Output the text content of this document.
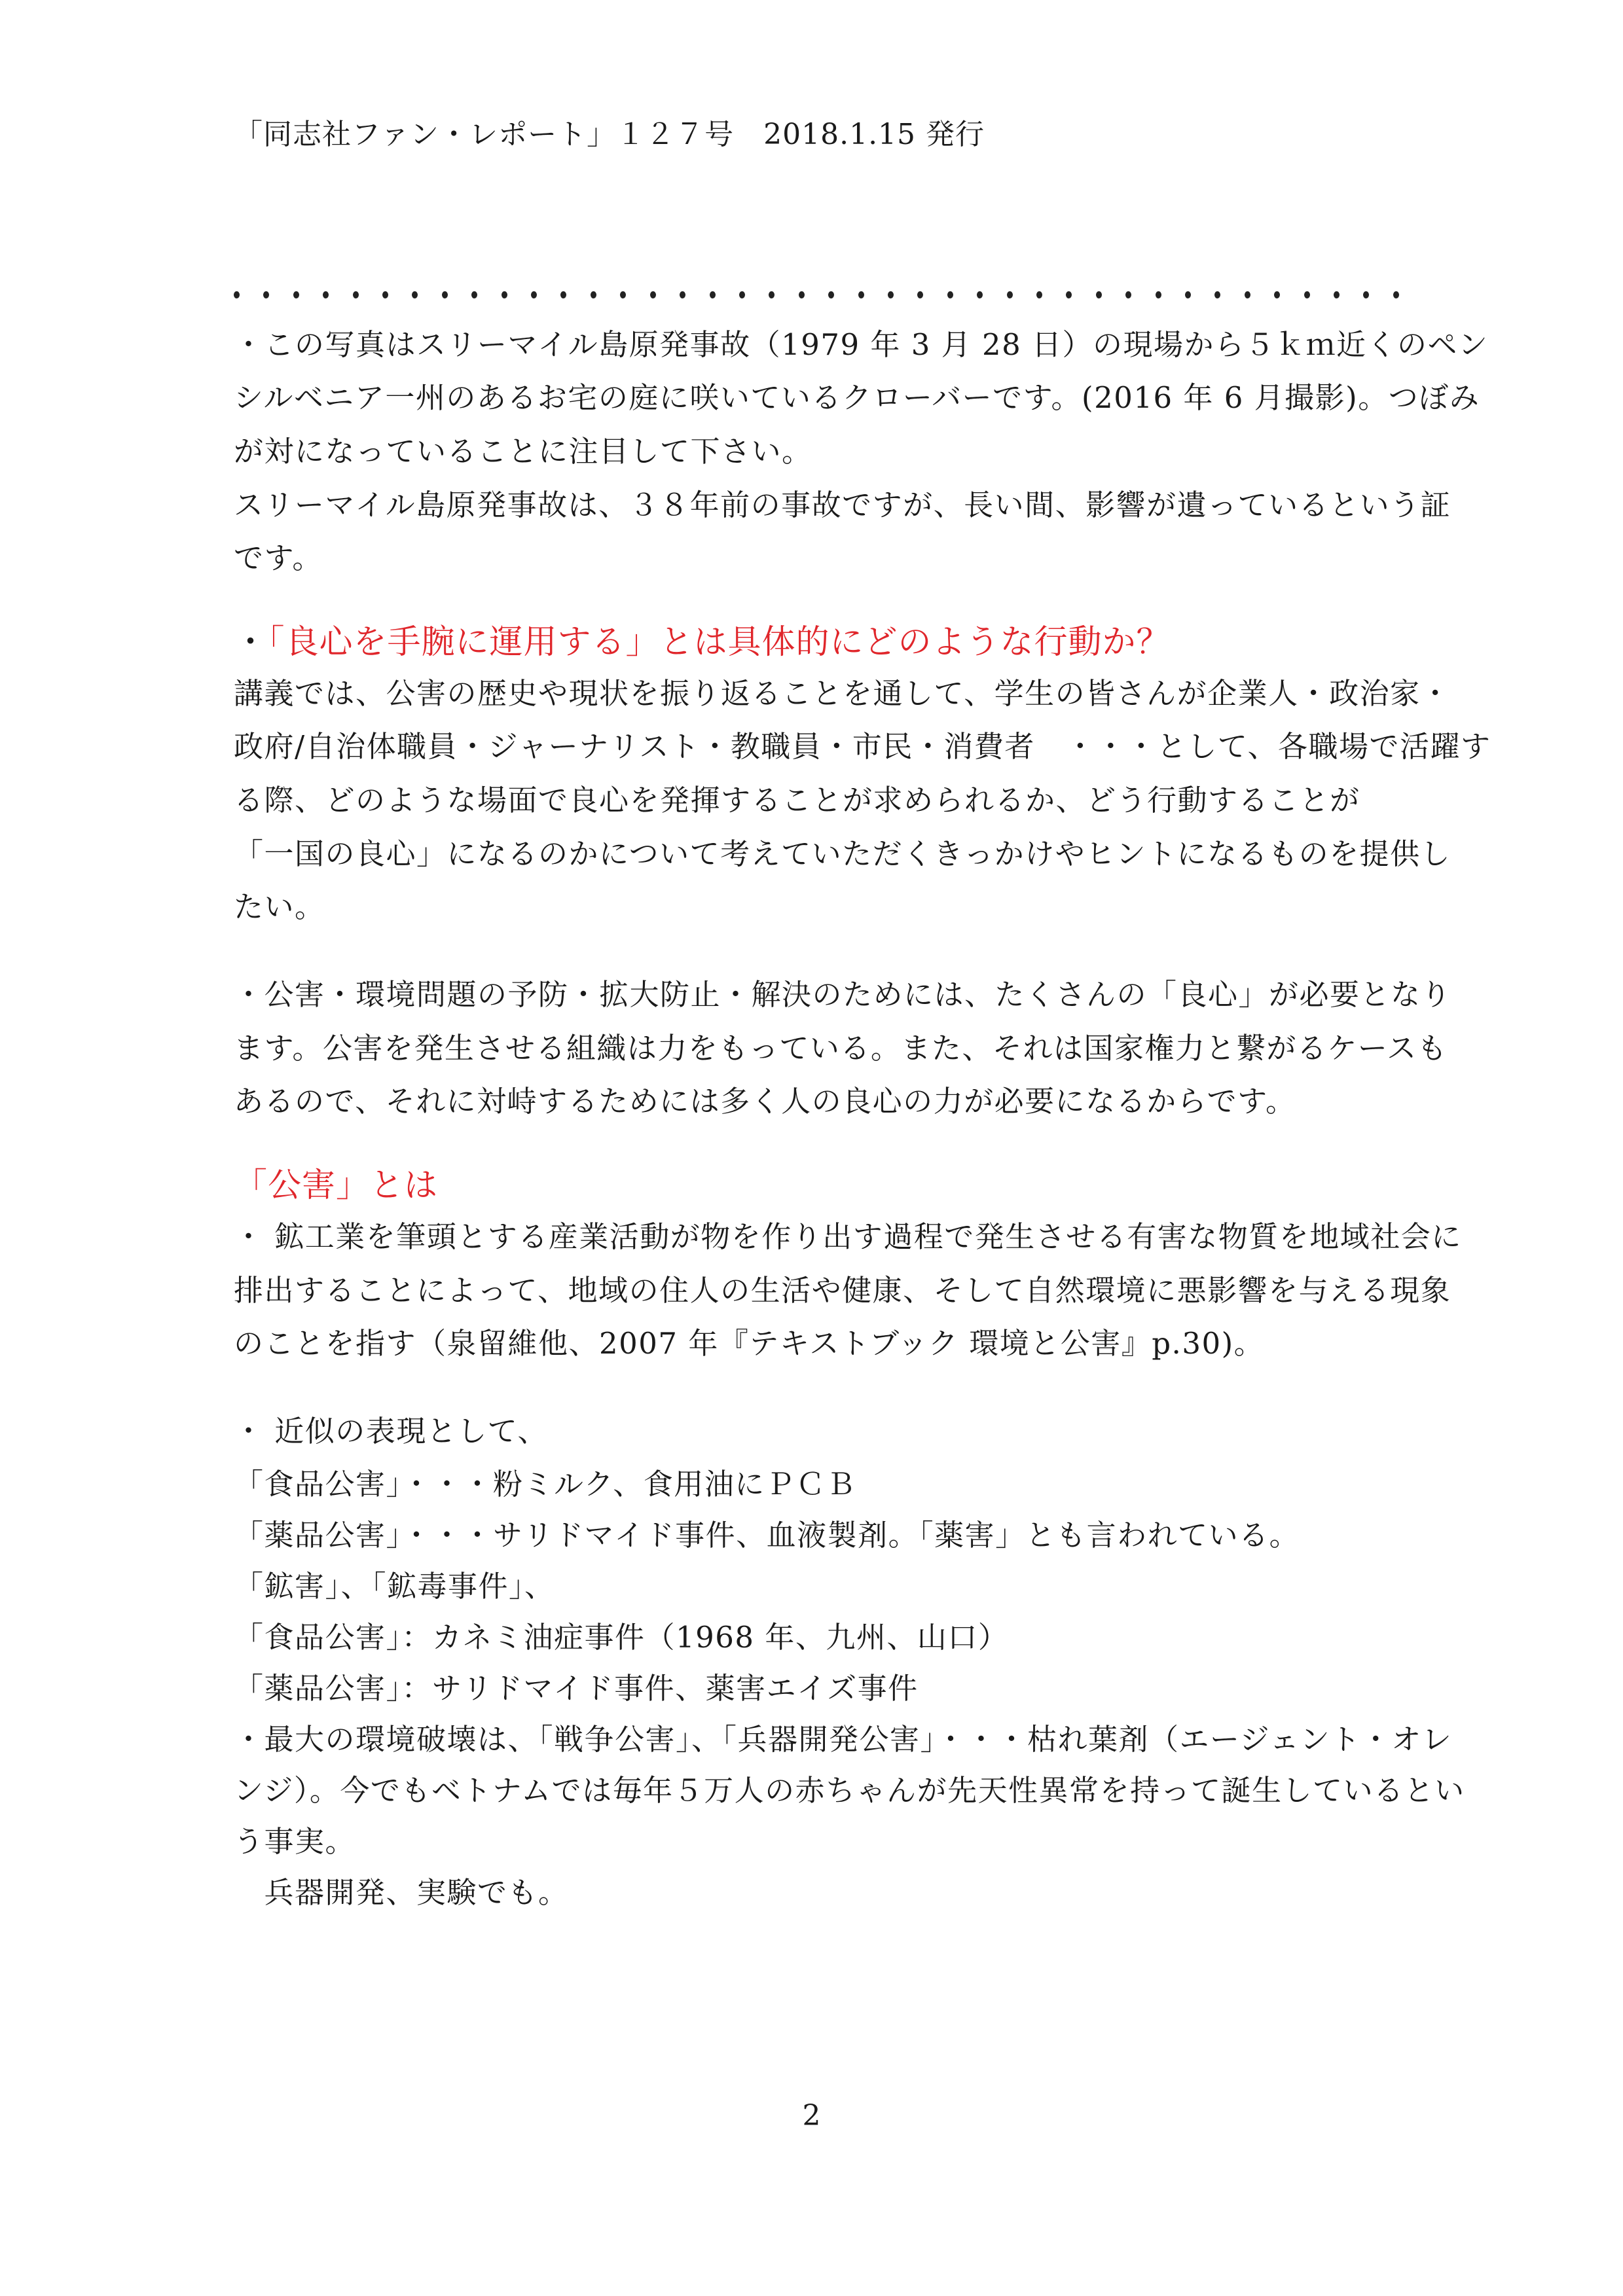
「同志社ファン・レポート」１２７号　2018.1.15 発行
・この写真はスリーマイル島原発事故（1979 年 3 月 28 日）の現場から５ｋｍ近くのペン
シルベニア一州のあるお宅の庭に咲いているクローバーです。(2016 年 6 月撮影)。つぼみ
が対になっていることに注目して下さい。
スリーマイル島原発事故は、３８年前の事故ですが、長い間、影響が遺っているという証
です。
・「良心を手腕に運用する」とは具体的にどのような行動か？
講義では、公害の歴史や現状を振り返ることを通して、学生の皆さんが企業人・政治家・
政府/自治体職員・ジャーナリスト・教職員・市民・消費者　・・・として、各職場で活躍す
る際、どのような場面で良心を発揮することが求められるか、どう行動することが
「一国の良心」になるのかについて考えていただくきっかけやヒントになるものを提供し
たい。
・公害・環境問題の予防・拡大防止・解決のためには、たくさんの「良心」が必要となり
ます。公害を発生させる組織は力をもっている。また、それは国家権力と繋がるケースも
あるので、それに対峙するためには多く人の良心の力が必要になるからです。
「公害」とは
・ 鉱工業を筆頭とする産業活動が物を作り出す過程で発生させる有害な物質を地域社会に
排出することによって、地域の住人の生活や健康、そして自然環境に悪影響を与える現象
のことを指す（泉留維他、2007 年『テキストブック 環境と公害』p.30)。
・ 近似の表現として、
「食品公害」・・・粉ミルク、食用油にＰＣＢ
「薬品公害」・・・サリドマイド事件、血液製剤。「薬害」とも言われている。
「鉱害」、「鉱毒事件」、
「食品公害」：カネミ油症事件（1968 年、九州、山口）
「薬品公害」：サリドマイド事件、薬害エイズ事件
・最大の環境破壊は、「戦争公害」、「兵器開発公害」・・・枯れ葉剤（エージェント・オレ
ンジ）。今でもベトナムでは毎年５万人の赤ちゃんが先天性異常を持って誕生しているとい
う事実。
　兵器開発、実験でも。
2
